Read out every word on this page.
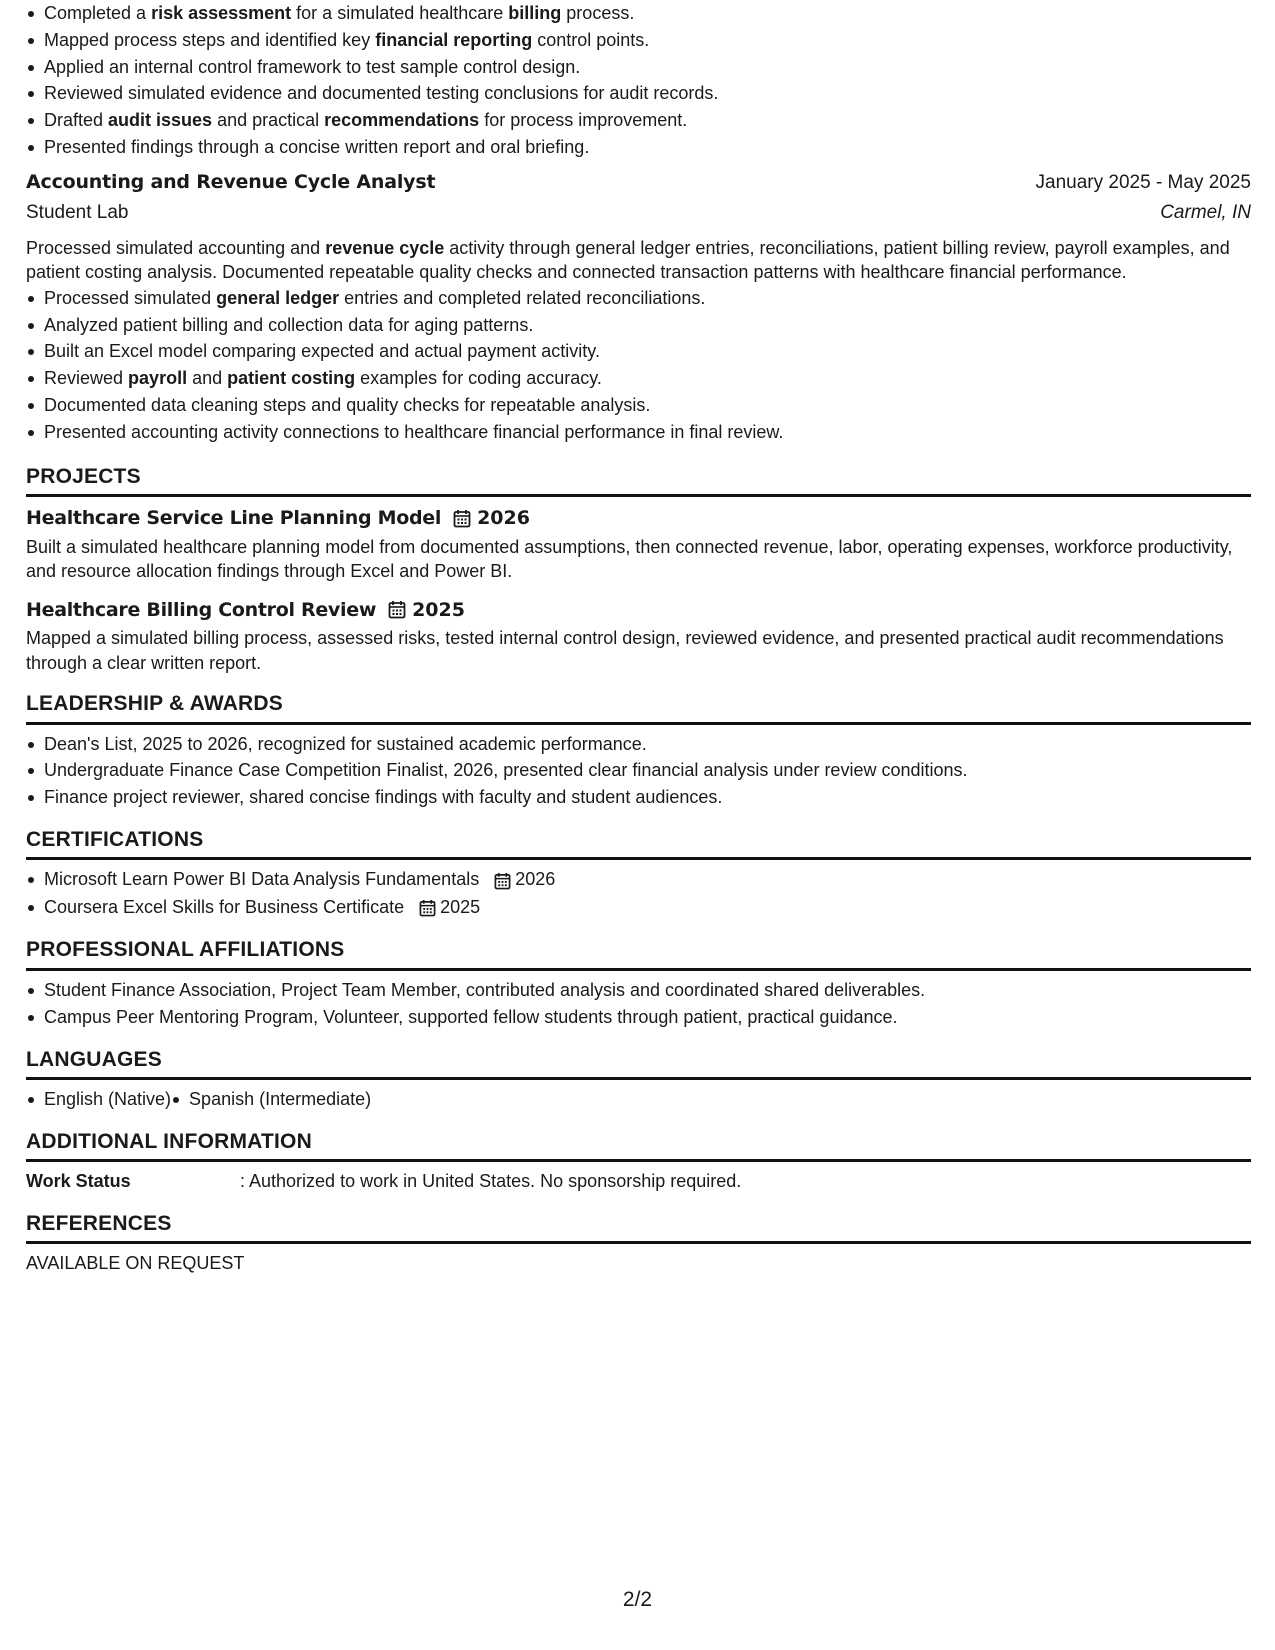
Completed a risk assessment for a simulated healthcare billing process.
Mapped process steps and identified key financial reporting control points.
Applied an internal control framework to test sample control design.
Reviewed simulated evidence and documented testing conclusions for audit records.
Drafted audit issues and practical recommendations for process improvement.
Presented findings through a concise written report and oral briefing.
Accounting and Revenue Cycle Analyst	January 2025 - May 2025
Student Lab	Carmel, IN
Processed simulated accounting and revenue cycle activity through general ledger entries, reconciliations, patient billing review, payroll examples, and patient costing analysis. Documented repeatable quality checks and connected transaction patterns with healthcare financial performance.
Processed simulated general ledger entries and completed related reconciliations.
Analyzed patient billing and collection data for aging patterns.
Built an Excel model comparing expected and actual payment activity.
Reviewed payroll and patient costing examples for coding accuracy.
Documented data cleaning steps and quality checks for repeatable analysis.
Presented accounting activity connections to healthcare financial performance in final review.
PROJECTS
Healthcare Service Line Planning Model 2026
Built a simulated healthcare planning model from documented assumptions, then connected revenue, labor, operating expenses, workforce productivity, and resource allocation findings through Excel and Power BI.
Healthcare Billing Control Review 2025
Mapped a simulated billing process, assessed risks, tested internal control design, reviewed evidence, and presented practical audit recommendations through a clear written report.
LEADERSHIP & AWARDS
Dean's List, 2025 to 2026, recognized for sustained academic performance.
Undergraduate Finance Case Competition Finalist, 2026, presented clear financial analysis under review conditions.
Finance project reviewer, shared concise findings with faculty and student audiences.
CERTIFICATIONS
Microsoft Learn Power BI Data Analysis Fundamentals 2026
Coursera Excel Skills for Business Certificate 2025
PROFESSIONAL AFFILIATIONS
Student Finance Association, Project Team Member, contributed analysis and coordinated shared deliverables.
Campus Peer Mentoring Program, Volunteer, supported fellow students through patient, practical guidance.
LANGUAGES
English (Native)	Spanish (Intermediate)
ADDITIONAL INFORMATION
Work Status	: Authorized to work in United States. No sponsorship required.
REFERENCES
AVAILABLE ON REQUEST
2/2
